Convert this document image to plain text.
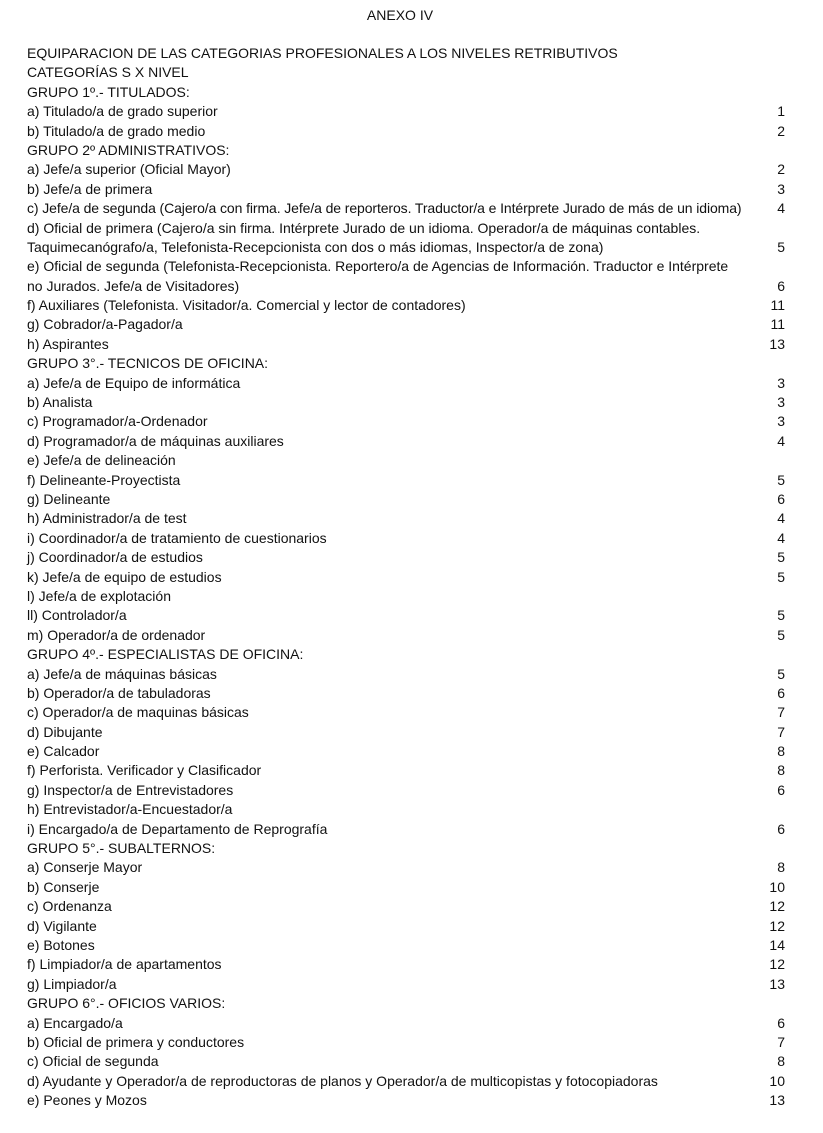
ANEXO IV
EQUIPARACION DE LAS CATEGORIAS PROFESIONALES A LOS NIVELES RETRIBUTIVOS
CATEGORÍAS S X NIVEL
GRUPO 1º.- TITULADOS:
a) Titulado/a de grado superior	1
b) Titulado/a de grado medio	2
GRUPO 2º ADMINISTRATIVOS:
a) Jefe/a superior (Oficial Mayor)	2
b) Jefe/a de primera	3
c) Jefe/a de segunda (Cajero/a con firma. Jefe/a de reporteros. Traductor/a e Intérprete Jurado de más de un idioma)	4
d) Oficial de primera (Cajero/a sin firma. Intérprete Jurado de un idioma. Operador/a de máquinas contables.
Taquimecanógrafo/a, Telefonista-Recepcionista con dos o más idiomas, Inspector/a de zona)	5
e) Oficial de segunda (Telefonista-Recepcionista. Reportero/a de Agencias de Información. Traductor e Intérprete
no Jurados. Jefe/a de Visitadores)	6
f) Auxiliares (Telefonista. Visitador/a. Comercial y lector de contadores)	11
g) Cobrador/a-Pagador/a	11
h) Aspirantes	13
GRUPO 3°.- TECNICOS DE OFICINA:
a) Jefe/a de Equipo de informática	3
b) Analista	3
c) Programador/a-Ordenador	3
d) Programador/a de máquinas auxiliares	4
e) Jefe/a de delineación
f) Delineante-Proyectista	5
g) Delineante	6
h) Administrador/a de test	4
i) Coordinador/a de tratamiento de cuestionarios	4
j) Coordinador/a de estudios	5
k) Jefe/a de equipo de estudios	5
l) Jefe/a de explotación
ll) Controlador/a	5
m) Operador/a de ordenador	5
GRUPO 4º.- ESPECIALISTAS DE OFICINA:
a) Jefe/a de máquinas básicas	5
b) Operador/a de tabuladoras	6
c) Operador/a de maquinas básicas	7
d) Dibujante	7
e) Calcador	8
f) Perforista. Verificador y Clasificador	8
g) Inspector/a de Entrevistadores	6
h) Entrevistador/a-Encuestador/a
i) Encargado/a de Departamento de Reprografía	6
GRUPO 5°.- SUBALTERNOS:
a) Conserje Mayor	8
b) Conserje	10
c) Ordenanza	12
d) Vigilante	12
e) Botones	14
f) Limpiador/a de apartamentos	12
g) Limpiador/a	13
GRUPO 6°.- OFICIOS VARIOS:
a) Encargado/a	6
b) Oficial de primera y conductores	7
c) Oficial de segunda	8
d) Ayudante y Operador/a de reproductoras de planos y Operador/a de multicopistas y fotocopiadoras	10
e) Peones y Mozos	13
